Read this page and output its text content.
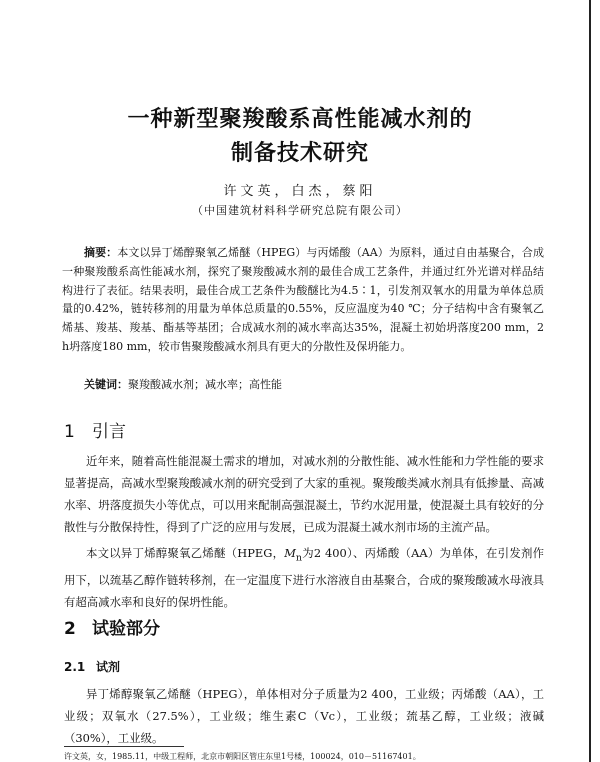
一种新型聚羧酸系高性能减水剂的
制备技术研究

许文英，白杰，蔡阳

（中国建筑材料科学研究总院有限公司）

摘要：本文以异丁烯醇聚氧乙烯醚（HPEG）与丙烯酸（AA）为原料，通过自由基聚合，合成一种聚羧酸系高性能减水剂，探究了聚羧酸减水剂的最佳合成工艺条件，并通过红外光谱对样品结构进行了表征。结果表明，最佳合成工艺条件为酸醚比为4.5∶1，引发剂双氧水的用量为单体总质量的0.42%，链转移剂的用量为单体总质量的0.55%，反应温度为40 ℃；分子结构中含有聚氧乙烯基、羧基、羧基、酯基等基团；合成减水剂的减水率高达35%，混凝土初始坍落度200 mm，2 h坍落度180 mm，较市售聚羧酸减水剂具有更大的分散性及保坍能力。

关键词：聚羧酸减水剂；减水率；高性能

1 引言

近年来，随着高性能混凝土需求的增加，对减水剂的分散性能、减水性能和力学性能的要求显著提高，高减水型聚羧酸减水剂的研究受到了大家的重视。聚羧酸类减水剂具有低掺量、高减水率、坍落度损失小等优点，可以用来配制高强混凝土，节约水泥用量，使混凝土具有较好的分散性与分散保持性，得到了广泛的应用与发展，已成为混凝土减水剂市场的主流产品。

本文以异丁烯醇聚氧乙烯醚（HPEG，$M_n$为2 400）、丙烯酸（AA）为单体，在引发剂作用下，以巯基乙醇作链转移剂，在一定温度下进行水溶液自由基聚合，合成的聚羧酸减水母液具有超高减水率和良好的保坍性能。

2 试验部分
2.1 试剂

异丁烯醇聚氧乙烯醚（HPEG），单体相对分子质量为2 400，工业级；丙烯酸（AA），工业级；双氧水（27.5%），工业级；维生素C（Vc），工业级；巯基乙醇，工业级；液碱（30%），工业级。

许文英，女，1985.11，中级工程师，北京市朝阳区管庄东里1号楼，100024，010－51167401。
